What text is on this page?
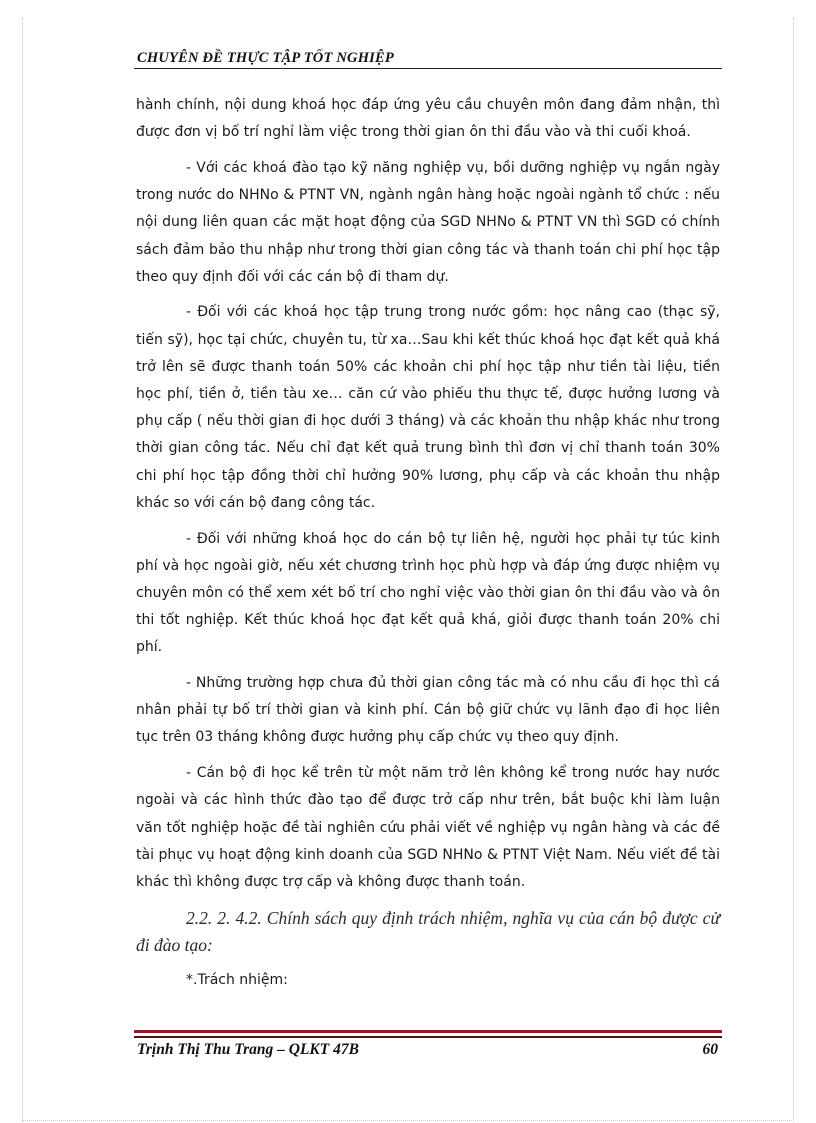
CHUYÊN ĐỀ THỰC TẬP TỐT NGHIỆP

hành chính, nội dung khoá học đáp ứng yêu cầu chuyên môn đang đảm nhận, thì được đơn vị bố trí nghỉ làm việc trong thời gian ôn thi đầu vào và thi cuối khoá.

- Với các khoá đào tạo kỹ năng nghiệp vụ, bồi dưỡng nghiệp vụ ngắn ngày trong nước do NHNo & PTNT VN, ngành ngân hàng hoặc ngoài ngành tổ chức : nếu nội dung liên quan các mặt hoạt động của SGD NHNo & PTNT VN thì SGD có chính sách đảm bảo thu nhập như trong thời gian công tác và thanh toán chi phí học tập theo quy định đối với các cán bộ đi tham dự.

- Đối với các khoá học tập trung trong nước gồm: học nâng cao (thạc sỹ, tiến sỹ), học tại chức, chuyên tu, từ xa…Sau khi kết thúc khoá học đạt kết quả khá trở lên sẽ được thanh toán 50% các khoản chi phí học tập như tiền tài liệu, tiền học phí, tiền ở, tiền tàu xe… căn cứ vào phiếu thu thực tế, được hưởng lương và phụ cấp ( nếu thời gian đi học dưới 3 tháng) và các khoản thu nhập khác như trong thời gian công tác. Nếu chỉ đạt kết quả trung bình thì đơn vị chỉ thanh toán 30% chi phí học tập đồng thời chỉ hưởng 90% lương, phụ cấp và các khoản thu nhập khác so với cán bộ đang công tác.

- Đối với những khoá học do cán bộ tự liên hệ, người học phải tự túc kinh phí và học ngoài giờ, nếu xét chương trình học phù hợp và đáp ứng được nhiệm vụ chuyên môn có thể xem xét bố trí cho nghỉ việc vào thời gian ôn thi đầu vào và ôn thi tốt nghiệp. Kết thúc khoá học đạt kết quả khá, giỏi được thanh toán 20% chi phí.

- Những trường hợp chưa đủ thời gian công tác mà có nhu cầu đi học thì cá nhân phải tự bố trí thời gian và kinh phí. Cán bộ giữ chức vụ lãnh đạo đi học liên tục trên 03 tháng không được hưởng phụ cấp chức vụ theo quy định.

- Cán bộ đi học kể trên từ một năm trở lên không kể trong nước hay nước ngoài và các hình thức đào tạo để được trở cấp như trên, bắt buộc khi làm luận văn tốt nghiệp hoặc đề tài nghiên cứu phải viết về nghiệp vụ ngân hàng và các đề tài phục vụ hoạt động kinh doanh của SGD NHNo & PTNT Việt Nam. Nếu viết đề tài khác thì không được trợ cấp và không được thanh toán.

2.2. 2. 4.2. Chính sách quy định trách nhiệm, nghĩa vụ của cán bộ được cử đi đào tạo:

*.Trách nhiệm:

Trịnh Thị Thu Trang – QLKT 47B	60
